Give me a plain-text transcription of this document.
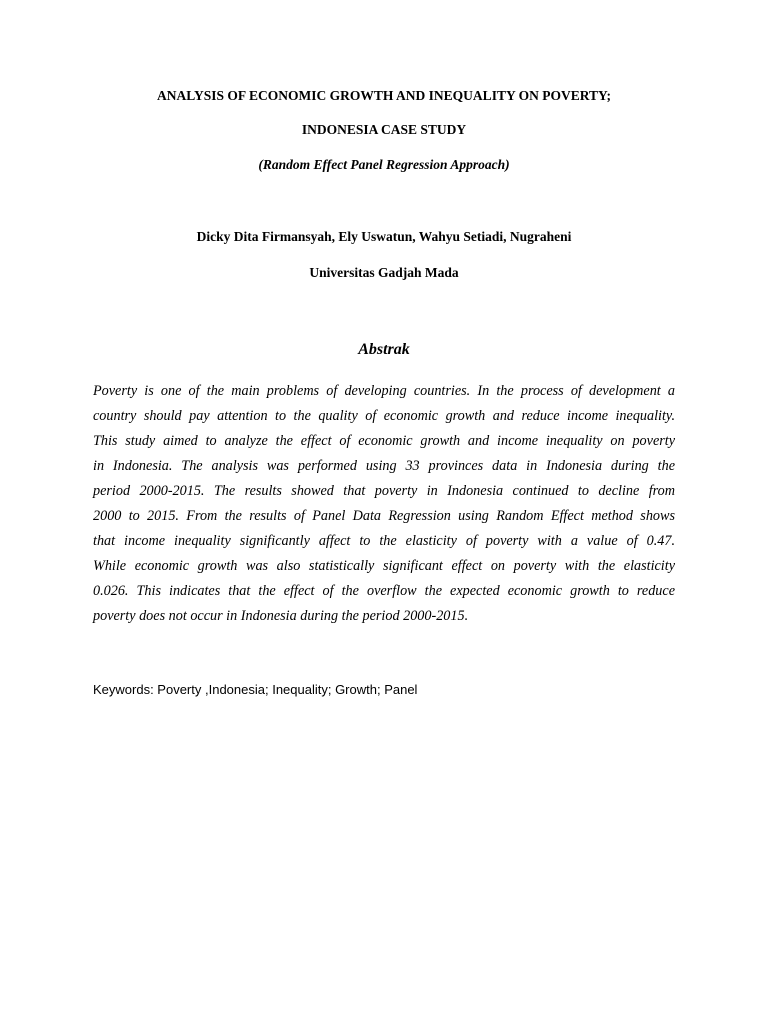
ANALYSIS OF ECONOMIC GROWTH AND INEQUALITY ON POVERTY;
INDONESIA CASE STUDY
(Random Effect Panel Regression Approach)
Dicky Dita Firmansyah, Ely Uswatun, Wahyu Setiadi, Nugraheni
Universitas Gadjah Mada
Abstrak
Poverty is one of the main problems of developing countries. In the process of development a
country should pay attention to the quality of economic growth and reduce income inequality.
This study aimed to analyze the effect of economic growth and income inequality on poverty
in Indonesia. The analysis was performed using 33 provinces data in Indonesia during the
period 2000-2015. The results showed that poverty in Indonesia continued to decline from
2000 to 2015. From the results of Panel Data Regression using Random Effect method shows
that income inequality significantly affect to the elasticity of poverty with a value of 0.47.
While economic growth was also statistically significant effect on poverty with the elasticity
0.026. This indicates that the effect of the overflow the expected economic growth to reduce
poverty does not occur in Indonesia during the period 2000-2015.
Keywords: Poverty ,Indonesia; Inequality; Growth; Panel
